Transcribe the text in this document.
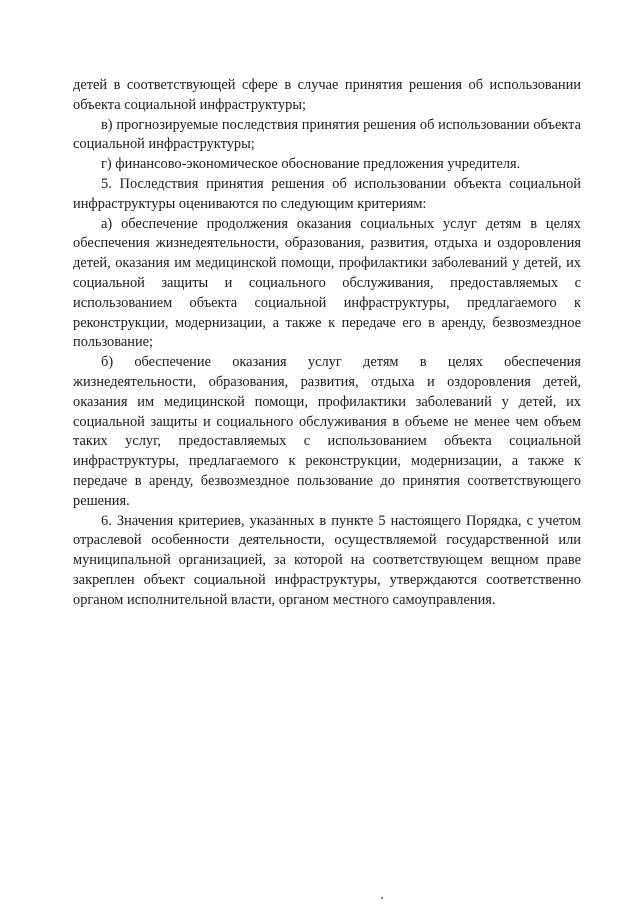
детей в соответствующей сфере в случае принятия решения об использовании объекта социальной инфраструктуры;

в) прогнозируемые последствия принятия решения об использовании объекта социальной инфраструктуры;

г) финансово-экономическое обоснование предложения учредителя.

5. Последствия принятия решения об использовании объекта социальной инфраструктуры оцениваются по следующим критериям:

а) обеспечение продолжения оказания социальных услуг детям в целях обеспечения жизнедеятельности, образования, развития, отдыха и оздоровления детей, оказания им медицинской помощи, профилактики заболеваний у детей, их социальной защиты и социального обслуживания, предоставляемых с использованием объекта социальной инфраструктуры, предлагаемого к реконструкции, модернизации, а также к передаче его в аренду, безвозмездное пользование;

б) обеспечение оказания услуг детям в целях обеспечения жизнедеятельности, образования, развития, отдыха и оздоровления детей, оказания им медицинской помощи, профилактики заболеваний у детей, их социальной защиты и социального обслуживания в объеме не менее чем объем таких услуг, предоставляемых с использованием объекта социальной инфраструктуры, предлагаемого к реконструкции, модернизации, а также к передаче в аренду, безвозмездное пользование до принятия соответствующего решения.

6. Значения критериев, указанных в пункте 5 настоящего Порядка, с учетом отраслевой особенности деятельности, осуществляемой государственной или муниципальной организацией, за которой на соответствующем вещном праве закреплен объект социальной инфраструктуры, утверждаются соответственно органом исполнительной власти, органом местного самоуправления.
